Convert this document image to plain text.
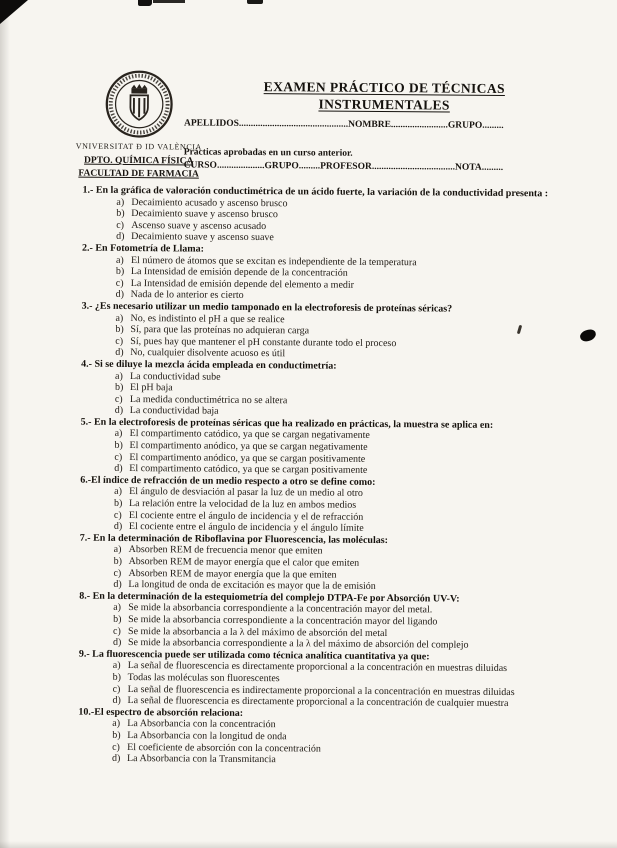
VNIVERSITAT Đ ID VALÈNCIA
DPTO. QUÍMICA FÍSICA
FACULTAD DE FARMACIA
EXAMEN PRÁCTICO DE TÉCNICAS
INSTRUMENTALES
APELLIDOS..............................................NOMBRE........................GRUPO.........
Prácticas aprobadas en un curso anterior.
CURSO....................GRUPO.........PROFESOR...................................NOTA.........
1.- En la gráfica de valoración conductimétrica de un ácido fuerte, la variación de la conductividad presenta :
a) Decaimiento acusado y ascenso brusco
b) Decaimiento suave y ascenso brusco
c) Ascenso suave y ascenso acusado
d) Decaimiento suave y ascenso suave
2.- En Fotometría de Llama:
a) El número de átomos que se excitan es independiente de la temperatura
b) La Intensidad de emisión depende de la concentración
c) La Intensidad de emisión depende del elemento a medir
d) Nada de lo anterior es cierto
3.- ¿Es necesario utilizar un medio tamponado en la electroforesis de proteínas séricas?
a) No, es indistinto el pH a que se realice
b) Sí, para que las proteínas no adquieran carga
c) Sí, pues hay que mantener el pH constante durante todo el proceso
d) No, cualquier disolvente acuoso es útil
4.- Si se diluye la mezcla ácida empleada en conductimetría:
a) La conductividad sube
b) El pH baja
c) La medida conductimétrica no se altera
d) La conductividad baja
5.- En la electroforesis de proteínas séricas que ha realizado en prácticas, la muestra se aplica en:
a) El compartimento catódico, ya que se cargan negativamente
b) El compartimento anódico, ya que se cargan negativamente
c) El compartimento anódico, ya que se cargan positivamente
d) El compartimento catódico, ya que se cargan positivamente
6.-El índice de refracción de un medio respecto a otro se define como:
a) El ángulo de desviación al pasar la luz de un medio al otro
b) La relación entre la velocidad de la luz en ambos medios
c) El cociente entre el ángulo de incidencia y el de refracción
d) El cociente entre el ángulo de incidencia y el ángulo límite
7.- En la determinación de Riboflavina por Fluorescencia, las moléculas:
a) Absorben REM de frecuencia menor que emiten
b) Absorben REM de mayor energía que el calor que emiten
c) Absorben REM de mayor energía que la que emiten
d) La longitud de onda de excitación es mayor que la de emisión
8.- En la determinación de la estequiometría del complejo DTPA-Fe por Absorción UV-V:
a) Se mide la absorbancia correspondiente a la concentración mayor del metal.
b) Se mide la absorbancia correspondiente a la concentración mayor del ligando
c) Se mide la absorbancia a la λ del máximo de absorción del metal
d) Se mide la absorbancia correspondiente a la λ del máximo de absorción del complejo
9.- La fluorescencia puede ser utilizada como técnica analítica cuantitativa ya que:
a) La señal de fluorescencia es directamente proporcional a la concentración en muestras diluidas
b) Todas las moléculas son fluorescentes
c) La señal de fluorescencia es indirectamente proporcional a la concentración en muestras diluidas
d) La señal de fluorescencia es directamente proporcional a la concentración de cualquier muestra
10.-El espectro de absorción relaciona:
a) La Absorbancia con la concentración
b) La Absorbancia con la longitud de onda
c) El coeficiente de absorción con la concentración
d) La Absorbancia con la Transmitancia
